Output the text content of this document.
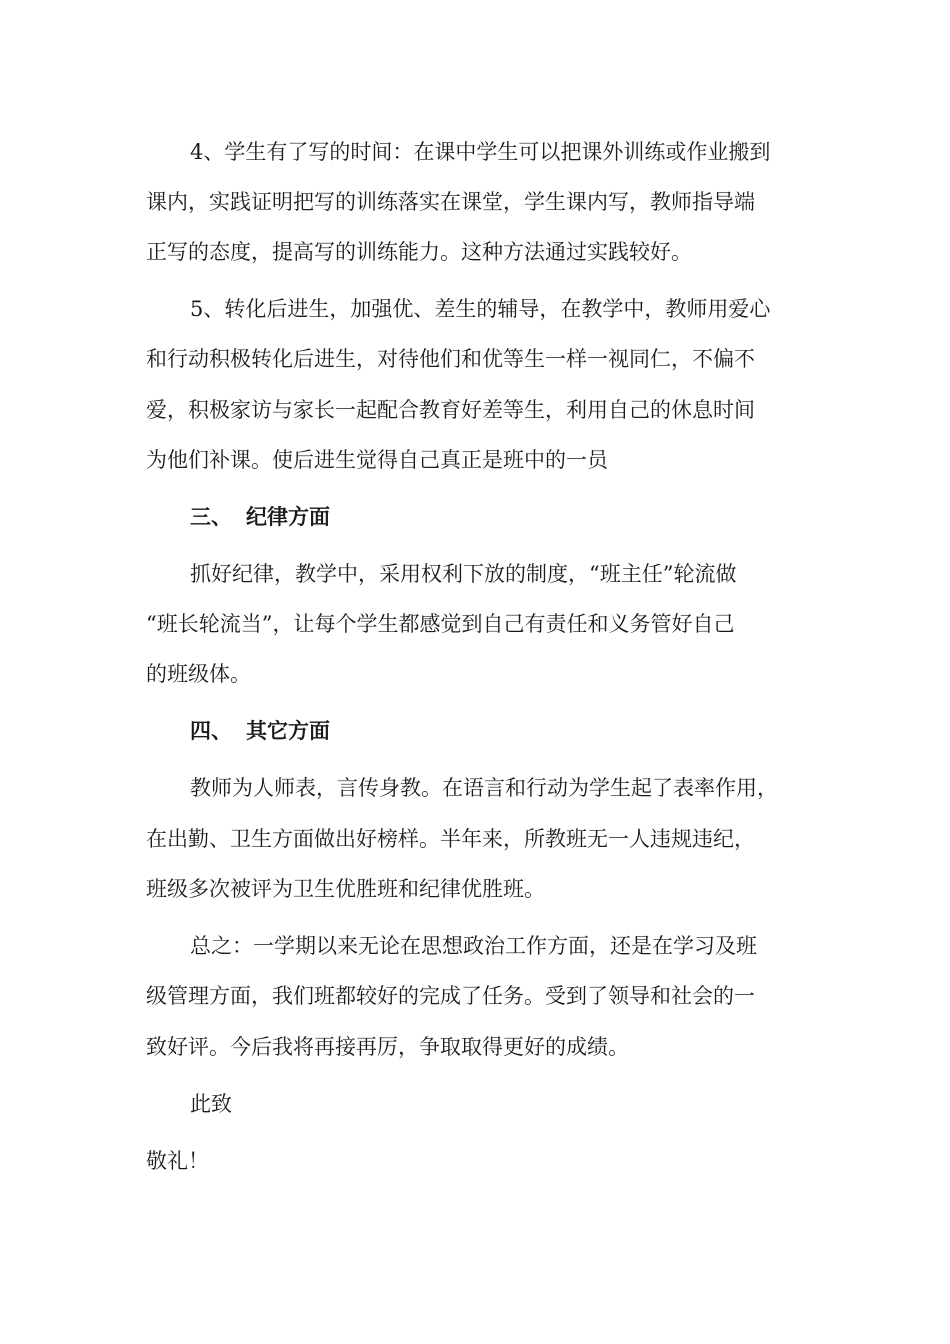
4、学生有了写的时间：在课中学生可以把课外训练或作业搬到
课内，实践证明把写的训练落实在课堂，学生课内写，教师指导端
正写的态度，提高写的训练能力。这种方法通过实践较好。
5、转化后进生，加强优、差生的辅导，在教学中，教师用爱心
和行动积极转化后进生，对待他们和优等生一样一视同仁，不偏不
爱，积极家访与家长一起配合教育好差等生，利用自己的休息时间
为他们补课。使后进生觉得自己真正是班中的一员
三、 纪律方面
抓好纪律，教学中，采用权利下放的制度，“班主任”轮流做
“班长轮流当”，让每个学生都感觉到自己有责任和义务管好自己
的班级体。
四、 其它方面
教师为人师表，言传身教。在语言和行动为学生起了表率作用，
在出勤、卫生方面做出好榜样。半年来，所教班无一人违规违纪，
班级多次被评为卫生优胜班和纪律优胜班。
总之：一学期以来无论在思想政治工作方面，还是在学习及班
级管理方面，我们班都较好的完成了任务。受到了领导和社会的一
致好评。今后我将再接再厉，争取取得更好的成绩。
此致
敬礼！
